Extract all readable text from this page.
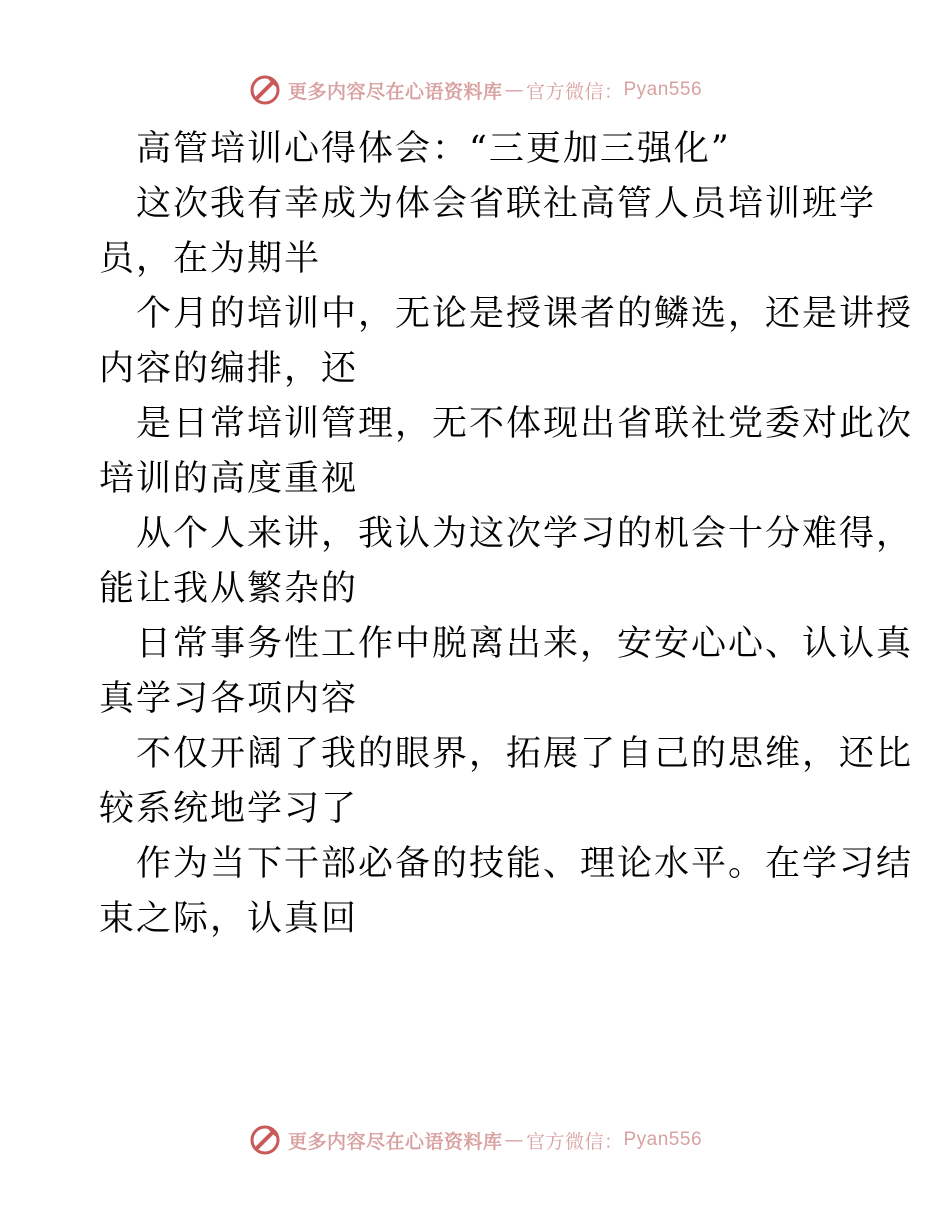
更多内容尽在心语资料库 — 官方微信： Pyan556
高管培训心得体会：“三更加三强化”
这次我有幸成为体会省联社高管人员培训班学
员，在为期半
个月的培训中，无论是授课者的鳞选，还是讲授
内容的编排，还
是日常培训管理，无不体现出省联社党委对此次
培训的高度重视
从个人来讲，我认为这次学习的机会十分难得，
能让我从繁杂的
日常事务性工作中脱离出来，安安心心、认认真
真学习各项内容
不仅开阔了我的眼界，拓展了自己的思维，还比
较系统地学习了
作为当下干部必备的技能、理论水平。在学习结
束之际，认真回
更多内容尽在心语资料库 — 官方微信： Pyan556
